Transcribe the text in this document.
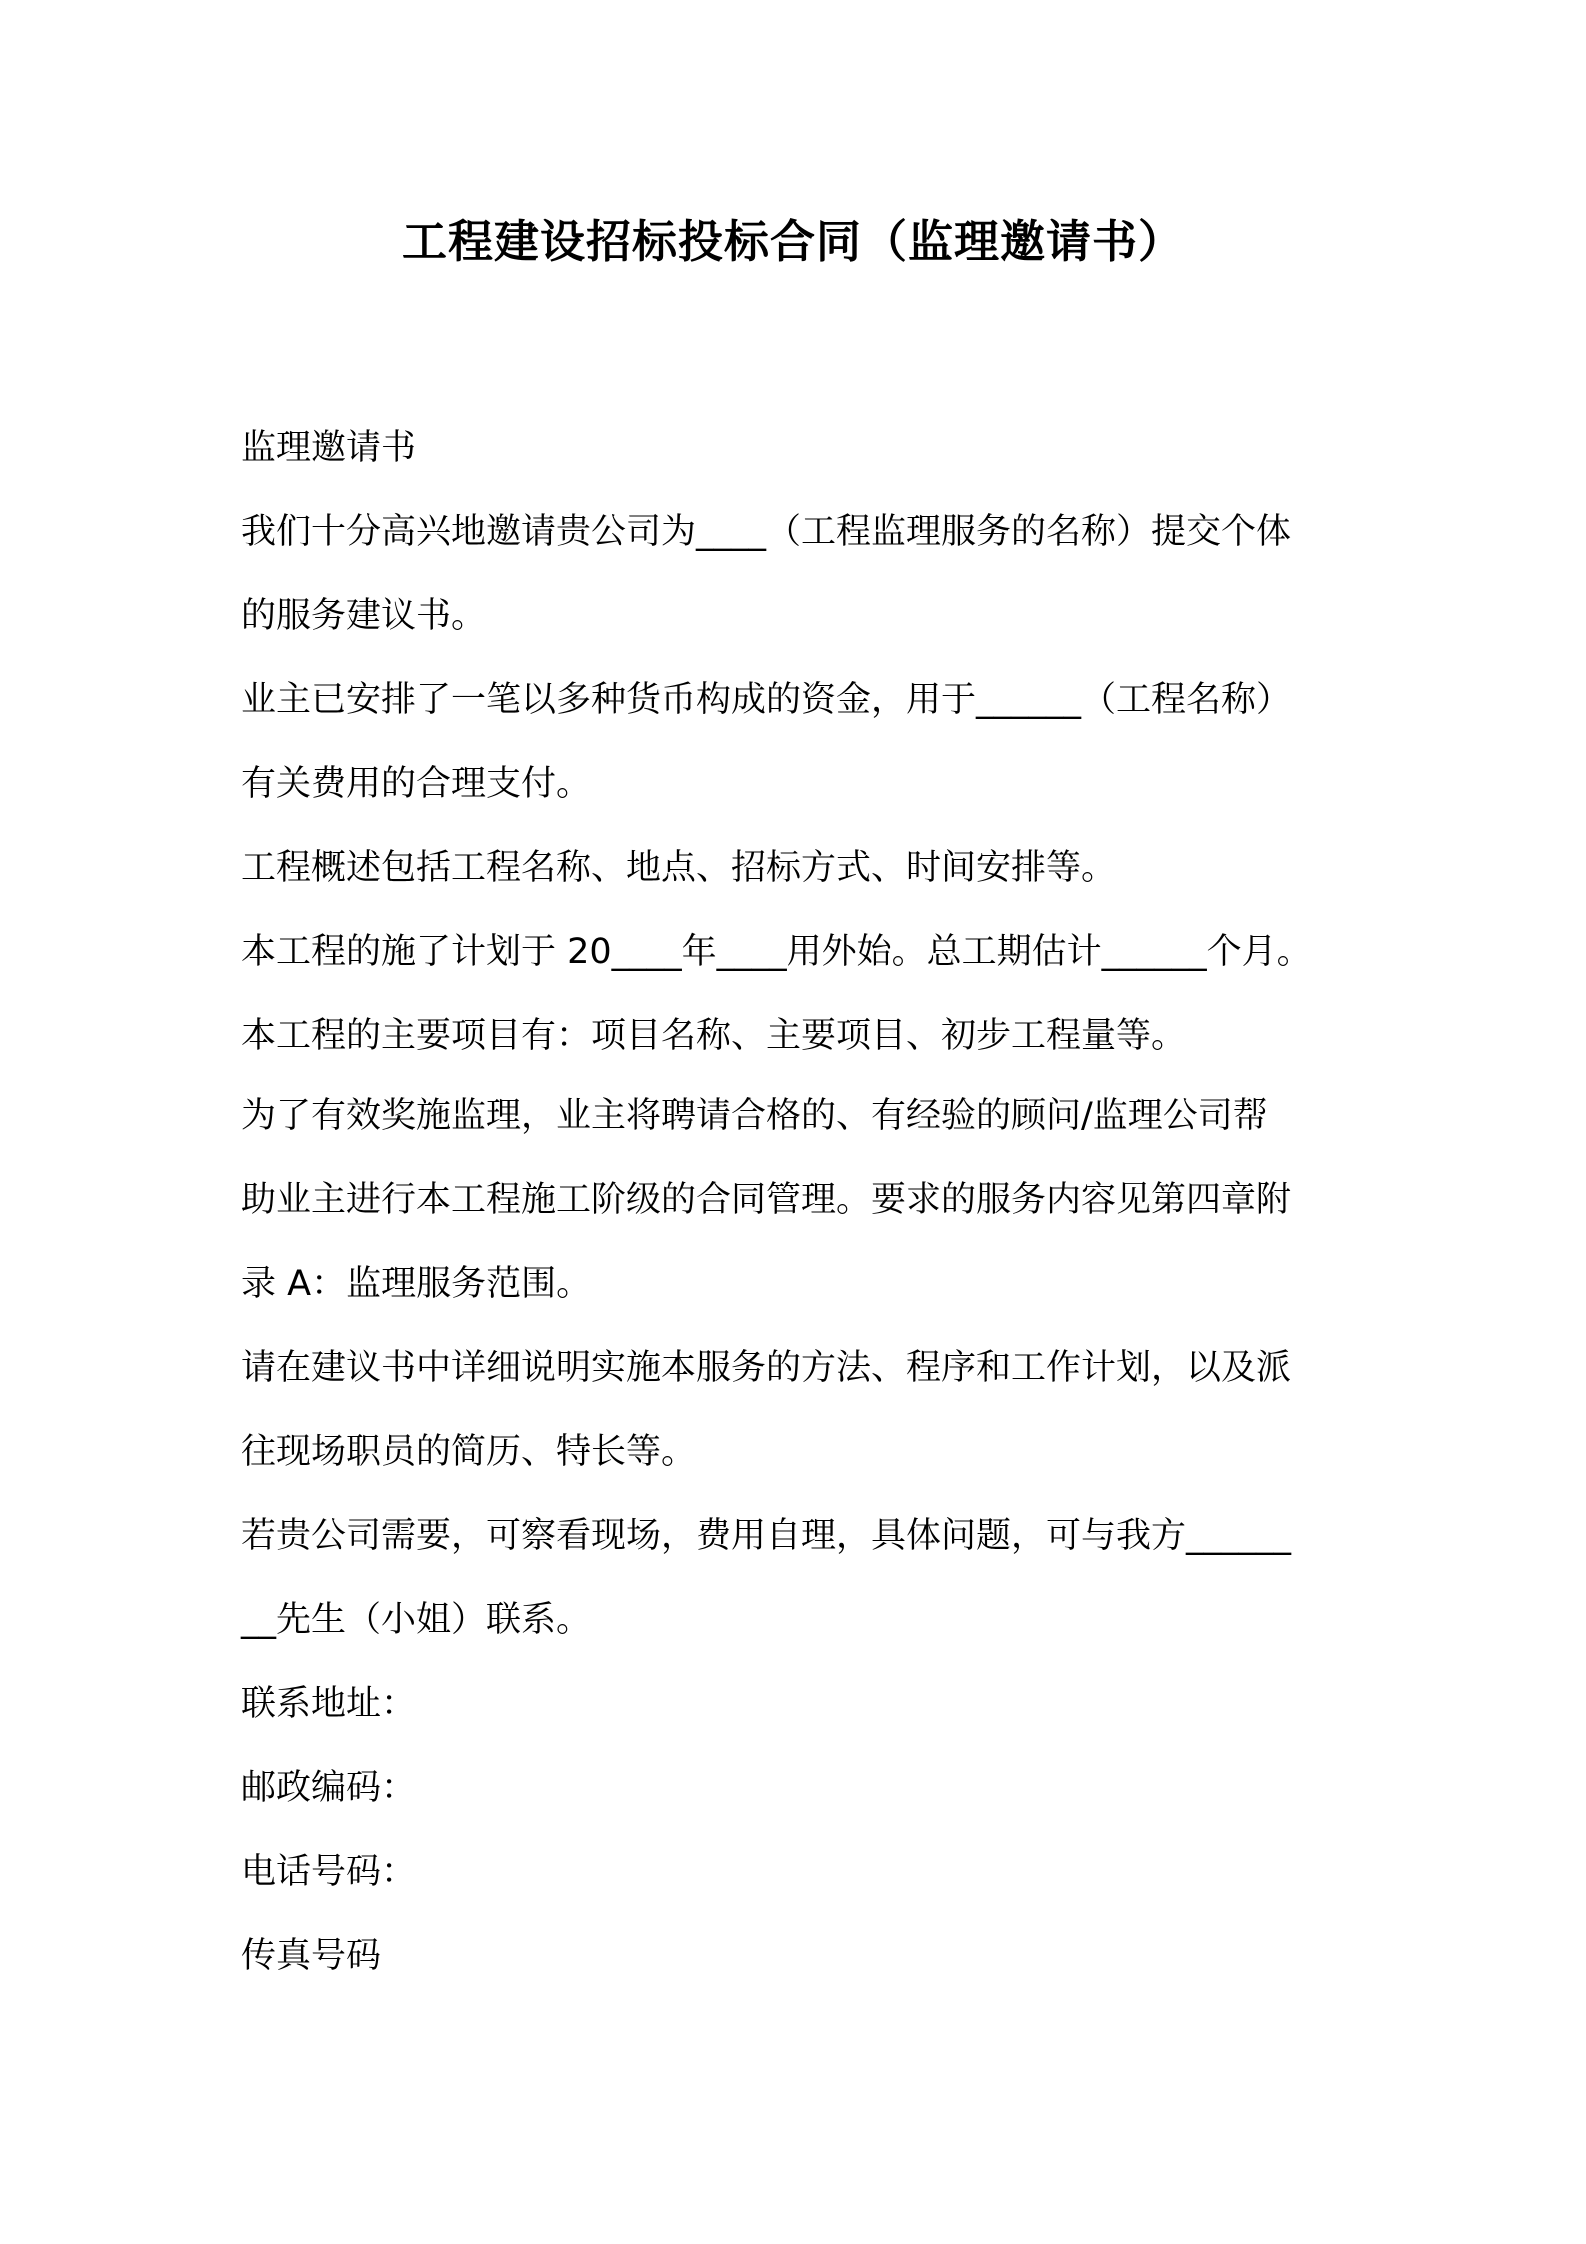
工程建设招标投标合同（监理邀请书）
监理邀请书
我们十分高兴地邀请贵公司为____（工程监理服务的名称）提交个体
的服务建议书。
业主已安排了一笔以多种货币构成的资金，用于______（工程名称）
有关费用的合理支付。
工程概述包括工程名称、地点、招标方式、时间安排等。
本工程的施了计划于 20____年____用外始。总工期估计______个月。
本工程的主要项目有：项目名称、主要项目、初步工程量等。
为了有效奖施监理，业主将聘请合格的、有经验的顾问/监理公司帮
助业主进行本工程施工阶级的合同管理。要求的服务内容见第四章附
录 A：监理服务范围。
请在建议书中详细说明实施本服务的方法、程序和工作计划，以及派
往现场职员的简历、特长等。
若贵公司需要，可察看现场，费用自理，具体问题，可与我方______
__先生（小姐）联系。
联系地址：
邮政编码：
电话号码：
传真号码
